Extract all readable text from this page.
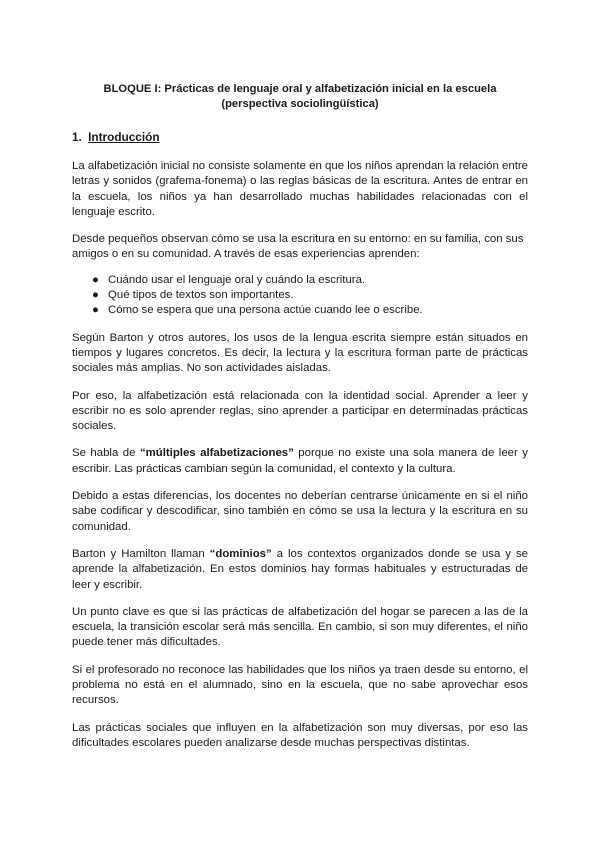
BLOQUE I: Prácticas de lenguaje oral y alfabetización inicial en la escuela
(perspectiva sociolingüística)
1. Introducción

La alfabetización inicial no consiste solamente en que los niños aprendan la relación entre letras y sonidos (grafema-fonema) o las reglas básicas de la escritura. Antes de entrar en la escuela, los niños ya han desarrollado muchas habilidades relacionadas con el lenguaje escrito.

Desde pequeños observan cómo se usa la escritura en su entorno: en su familia, con sus amigos o en su comunidad. A través de esas experiencias aprenden:

● Cuándo usar el lenguaje oral y cuándo la escritura.
● Qué tipos de textos son importantes.
● Cómo se espera que una persona actúe cuando lee o escribe.

Según Barton y otros autores, los usos de la lengua escrita siempre están situados en tiempos y lugares concretos. Es decir, la lectura y la escritura forman parte de prácticas sociales más amplias. No son actividades aisladas.

Por eso, la alfabetización está relacionada con la identidad social. Aprender a leer y escribir no es solo aprender reglas, sino aprender a participar en determinadas prácticas sociales.

Se habla de “múltiples alfabetizaciones” porque no existe una sola manera de leer y escribir. Las prácticas cambian según la comunidad, el contexto y la cultura.

Debido a estas diferencias, los docentes no deberían centrarse únicamente en si el niño sabe codificar y descodificar, sino también en cómo se usa la lectura y la escritura en su comunidad.

Barton y Hamilton llaman “dominios” a los contextos organizados donde se usa y se aprende la alfabetización. En estos dominios hay formas habituales y estructuradas de leer y escribir.

Un punto clave es que si las prácticas de alfabetización del hogar se parecen a las de la escuela, la transición escolar será más sencilla. En cambio, si son muy diferentes, el niño puede tener más dificultades.

Si el profesorado no reconoce las habilidades que los niños ya traen desde su entorno, el problema no está en el alumnado, sino en la escuela, que no sabe aprovechar esos recursos.

Las prácticas sociales que influyen en la alfabetización son muy diversas, por eso las dificultades escolares pueden analizarse desde muchas perspectivas distintas.
